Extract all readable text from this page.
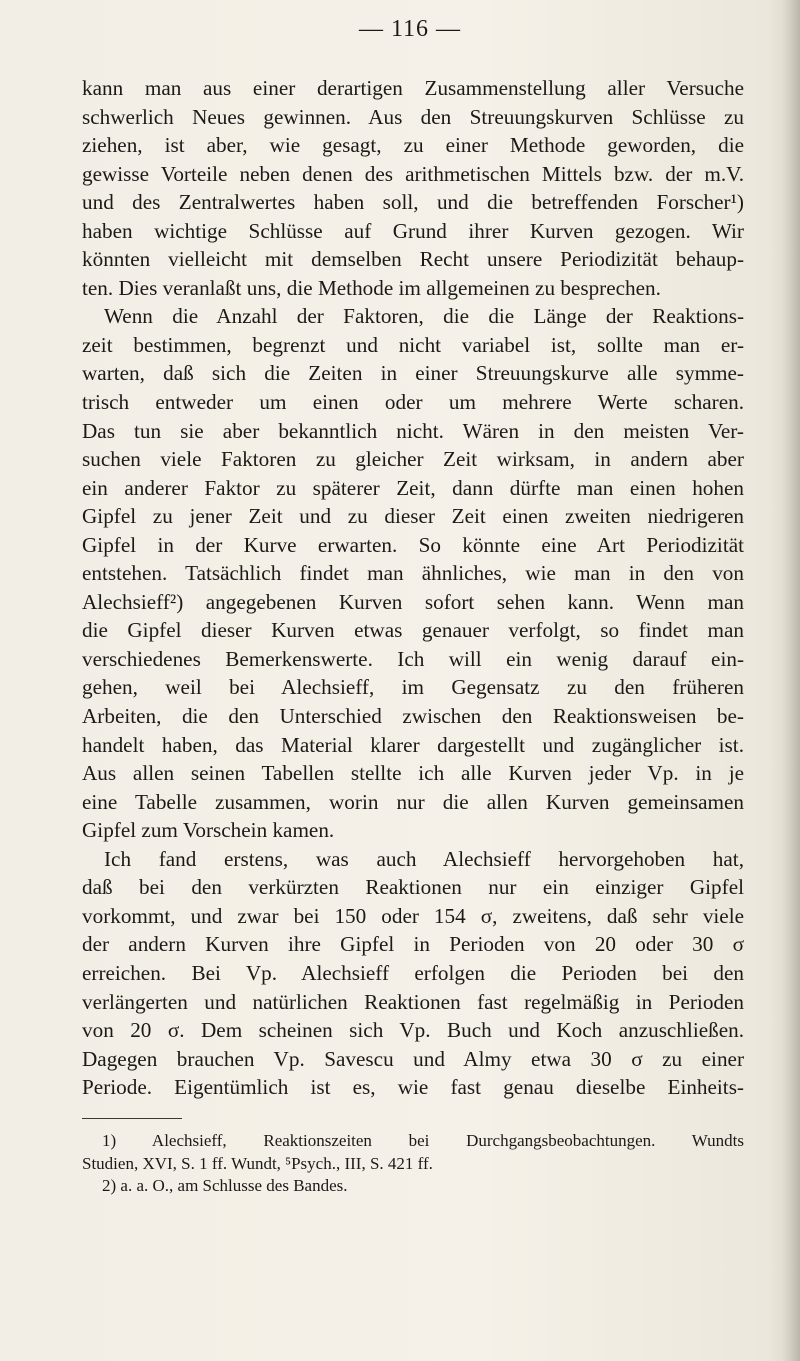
— 116 —
kann man aus einer derartigen Zusammenstellung aller Versuche
schwerlich Neues gewinnen. Aus den Streuungskurven Schlüsse zu
ziehen, ist aber, wie gesagt, zu einer Methode geworden, die
gewisse Vorteile neben denen des arithmetischen Mittels bzw. der m.V.
und des Zentralwertes haben soll, und die betreffenden Forscher¹)
haben wichtige Schlüsse auf Grund ihrer Kurven gezogen. Wir
könnten vielleicht mit demselben Recht unsere Periodizität behaup-
ten. Dies veranlaßt uns, die Methode im allgemeinen zu besprechen.
Wenn die Anzahl der Faktoren, die die Länge der Reaktions-
zeit bestimmen, begrenzt und nicht variabel ist, sollte man er-
warten, daß sich die Zeiten in einer Streuungskurve alle symme-
trisch entweder um einen oder um mehrere Werte scharen.
Das tun sie aber bekanntlich nicht. Wären in den meisten Ver-
suchen viele Faktoren zu gleicher Zeit wirksam, in andern aber
ein anderer Faktor zu späterer Zeit, dann dürfte man einen hohen
Gipfel zu jener Zeit und zu dieser Zeit einen zweiten niedrigeren
Gipfel in der Kurve erwarten. So könnte eine Art Periodizität
entstehen. Tatsächlich findet man ähnliches, wie man in den von
Alechsieff²) angegebenen Kurven sofort sehen kann. Wenn man
die Gipfel dieser Kurven etwas genauer verfolgt, so findet man
verschiedenes Bemerkenswerte. Ich will ein wenig darauf ein-
gehen, weil bei Alechsieff, im Gegensatz zu den früheren
Arbeiten, die den Unterschied zwischen den Reaktionsweisen be-
handelt haben, das Material klarer dargestellt und zugänglicher ist.
Aus allen seinen Tabellen stellte ich alle Kurven jeder Vp. in je
eine Tabelle zusammen, worin nur die allen Kurven gemeinsamen
Gipfel zum Vorschein kamen.
Ich fand erstens, was auch Alechsieff hervorgehoben hat,
daß bei den verkürzten Reaktionen nur ein einziger Gipfel
vorkommt, und zwar bei 150 oder 154 σ, zweitens, daß sehr viele
der andern Kurven ihre Gipfel in Perioden von 20 oder 30 σ
erreichen. Bei Vp. Alechsieff erfolgen die Perioden bei den
verlängerten und natürlichen Reaktionen fast regelmäßig in Perioden
von 20 σ. Dem scheinen sich Vp. Buch und Koch anzuschließen.
Dagegen brauchen Vp. Savescu und Almy etwa 30 σ zu einer
Periode. Eigentümlich ist es, wie fast genau dieselbe Einheits-
1) Alechsieff, Reaktionszeiten bei Durchgangsbeobachtungen. Wundts
Studien, XVI, S. 1 ff. Wundt, ⁵Psych., III, S. 421 ff.
2) a. a. O., am Schlusse des Bandes.
